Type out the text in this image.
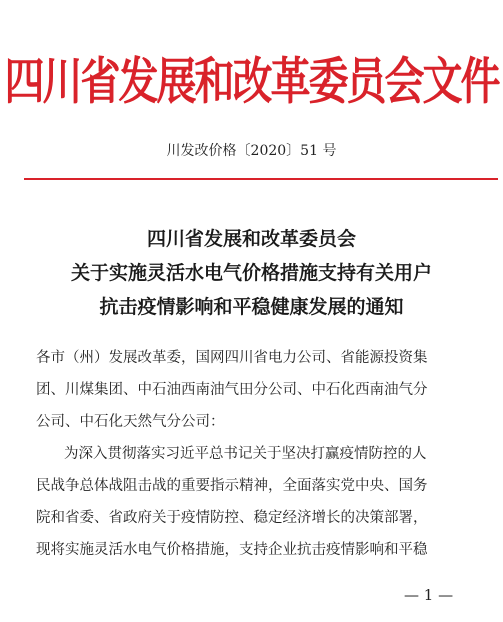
四川省发展和改革委员会文件
川发改价格〔2020〕51 号
四川省发展和改革委员会
关于实施灵活水电气价格措施支持有关用户
抗击疫情影响和平稳健康发展的通知
各市（州）发展改革委，国网四川省电力公司、省能源投资集
团、川煤集团、中石油西南油气田分公司、中石化西南油气分
公司、中石化天然气分公司：
为深入贯彻落实习近平总书记关于坚决打赢疫情防控的人
民战争总体战阻击战的重要指示精神，全面落实党中央、国务
院和省委、省政府关于疫情防控、稳定经济增长的决策部署，
现将实施灵活水电气价格措施，支持企业抗击疫情影响和平稳
— 1 —
